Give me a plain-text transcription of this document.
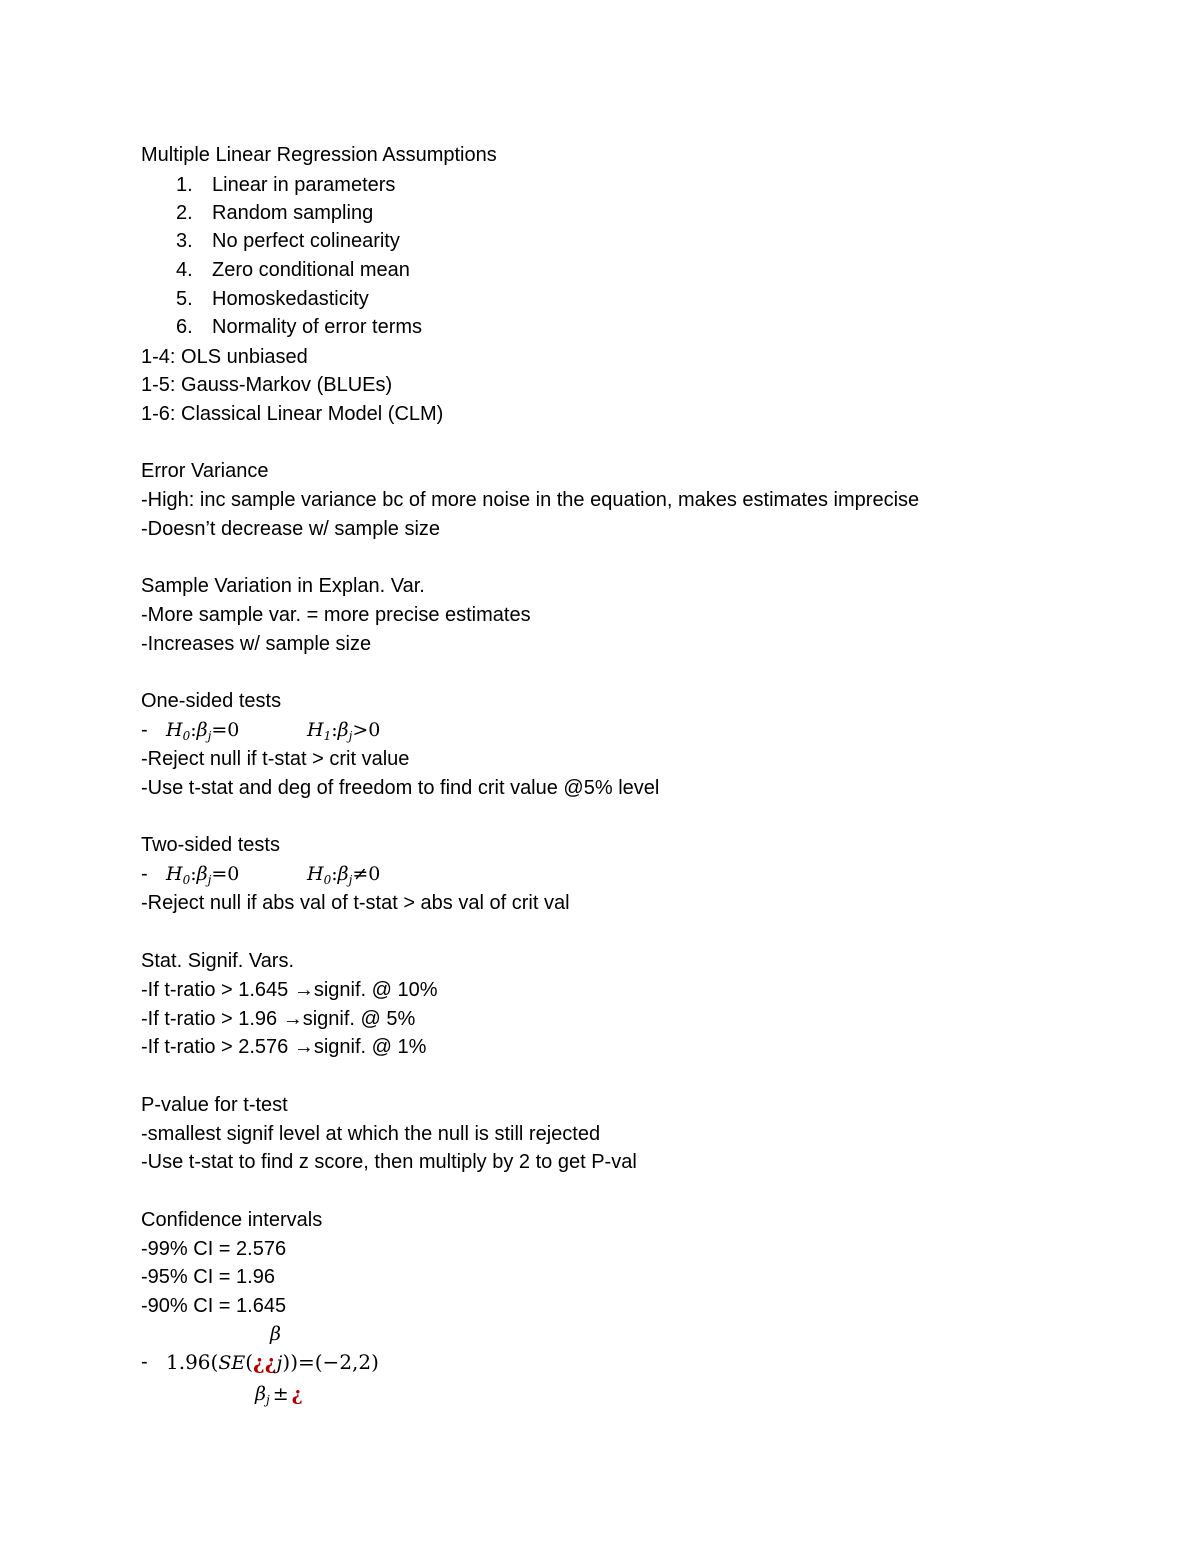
Multiple Linear Regression Assumptions
1. Linear in parameters
2. Random sampling
3. No perfect colinearity
4. Zero conditional mean
5. Homoskedasticity
6. Normality of error terms
1-4: OLS unbiased
1-5: Gauss-Markov (BLUEs)
1-6: Classical Linear Model (CLM)
Error Variance
-High: inc sample variance bc of more noise in the equation, makes estimates imprecise
-Doesn’t decrease w/ sample size
Sample Variation in Explan. Var.
-More sample var. = more precise estimates
-Increases w/ sample size
One-sided tests
- $H_0:\beta_j=0$	$H_1:\beta_j>0$
-Reject null if t-stat > crit value
-Use t-stat and deg of freedom to find crit value @5% level
Two-sided tests
- $H_0:\beta_j=0$	$H_0:\beta_j\ne 0$
-Reject null if abs val of t-stat > abs val of crit val
Stat. Signif. Vars.
-If t-ratio > 1.645 →signif. @ 10%
-If t-ratio > 1.96 →signif. @ 5%
-If t-ratio > 2.576 →signif. @ 1%
P-value for t-test
-smallest signif level at which the null is still rejected
-Use t-stat to find z score, then multiply by 2 to get P-val
Confidence intervals
-99% CI = 2.576
-95% CI = 1.96
-90% CI = 1.645
β
- 1.96(SE(¿¿j))=(−2,2)
$\beta_j$ ± ¿
